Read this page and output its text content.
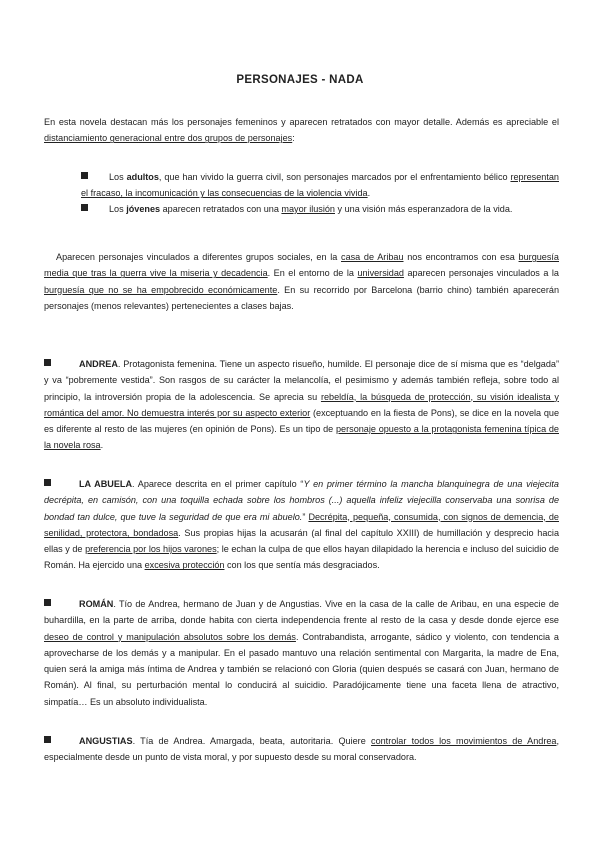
PERSONAJES - NADA
En esta novela destacan más los personajes femeninos y aparecen retratados con mayor detalle. Además es apreciable el distanciamiento generacional entre dos grupos de personajes:
Los adultos, que han vivido la guerra civil, son personajes marcados por el enfrentamiento bélico representan el fracaso, la incomunicación y las consecuencias de la violencia vivida.
Los jóvenes aparecen retratados con una mayor ilusión y una visión más esperanzadora de la vida.
Aparecen personajes vinculados a diferentes grupos sociales, en la casa de Aribau nos encontramos con esa burguesía media que tras la guerra vive la miseria y decadencia. En el entorno de la universidad aparecen personajes vinculados a la burguesía que no se ha empobrecido económicamente. En su recorrido por Barcelona (barrio chino) también aparecerán personajes (menos relevantes) pertenecientes a clases bajas.
ANDREA. Protagonista femenina. Tiene un aspecto risueño, humilde. El personaje dice de sí misma que es “delgada” y va “pobremente vestida”. Son rasgos de su carácter la melancolía, el pesimismo y además también refleja, sobre todo al principio, la introversión propia de la adolescencia. Se aprecia su rebeldía, la búsqueda de protección, su visión idealista y romántica del amor. No demuestra interés por su aspecto exterior (exceptuando en la fiesta de Pons), se dice en la novela que es diferente al resto de las mujeres (en opinión de Pons). Es un tipo de personaje opuesto a la protagonista femenina típica de la novela rosa.
LA ABUELA. Aparece descrita en el primer capítulo “Y en primer término la mancha blanquinegra de una viejecita decrépita, en camisón, con una toquilla echada sobre los hombros (...) aquella infeliz viejecilla conservaba una sonrisa de bondad tan dulce, que tuve la seguridad de que era mi abuelo.” Decrépita, pequeña, consumida, con signos de demencia, de senilidad, protectora, bondadosa. Sus propias hijas la acusarán (al final del capítulo XXIII) de humillación y desprecio hacia ellas y de preferencia por los hijos varones; le echan la culpa de que ellos hayan dilapidado la herencia e incluso del suicidio de Román. Ha ejercido una excesiva protección con los que sentía más desgraciados.
ROMÁN. Tío de Andrea, hermano de Juan y de Angustias. Vive en la casa de la calle de Aribau, en una especie de buhardilla, en la parte de arriba, donde habita con cierta independencia frente al resto de la casa y desde donde ejerce ese deseo de control y manipulación absolutos sobre los demás. Contrabandista, arrogante, sádico y violento, con tendencia a aprovecharse de los demás y a manipular. En el pasado mantuvo una relación sentimental con Margarita, la madre de Ena, quien será la amiga más íntima de Andrea y también se relacionó con Gloria (quien después se casará con Juan, hermano de Román). Al final, su perturbación mental lo conducirá al suicidio. Paradójicamente tiene una faceta llena de atractivo, simpatía… Es un absoluto individualista.
ANGUSTIAS. Tía de Andrea. Amargada, beata, autoritaria. Quiere controlar todos los movimientos de Andrea, especialmente desde un punto de vista moral, y por supuesto desde su moral conservadora.
